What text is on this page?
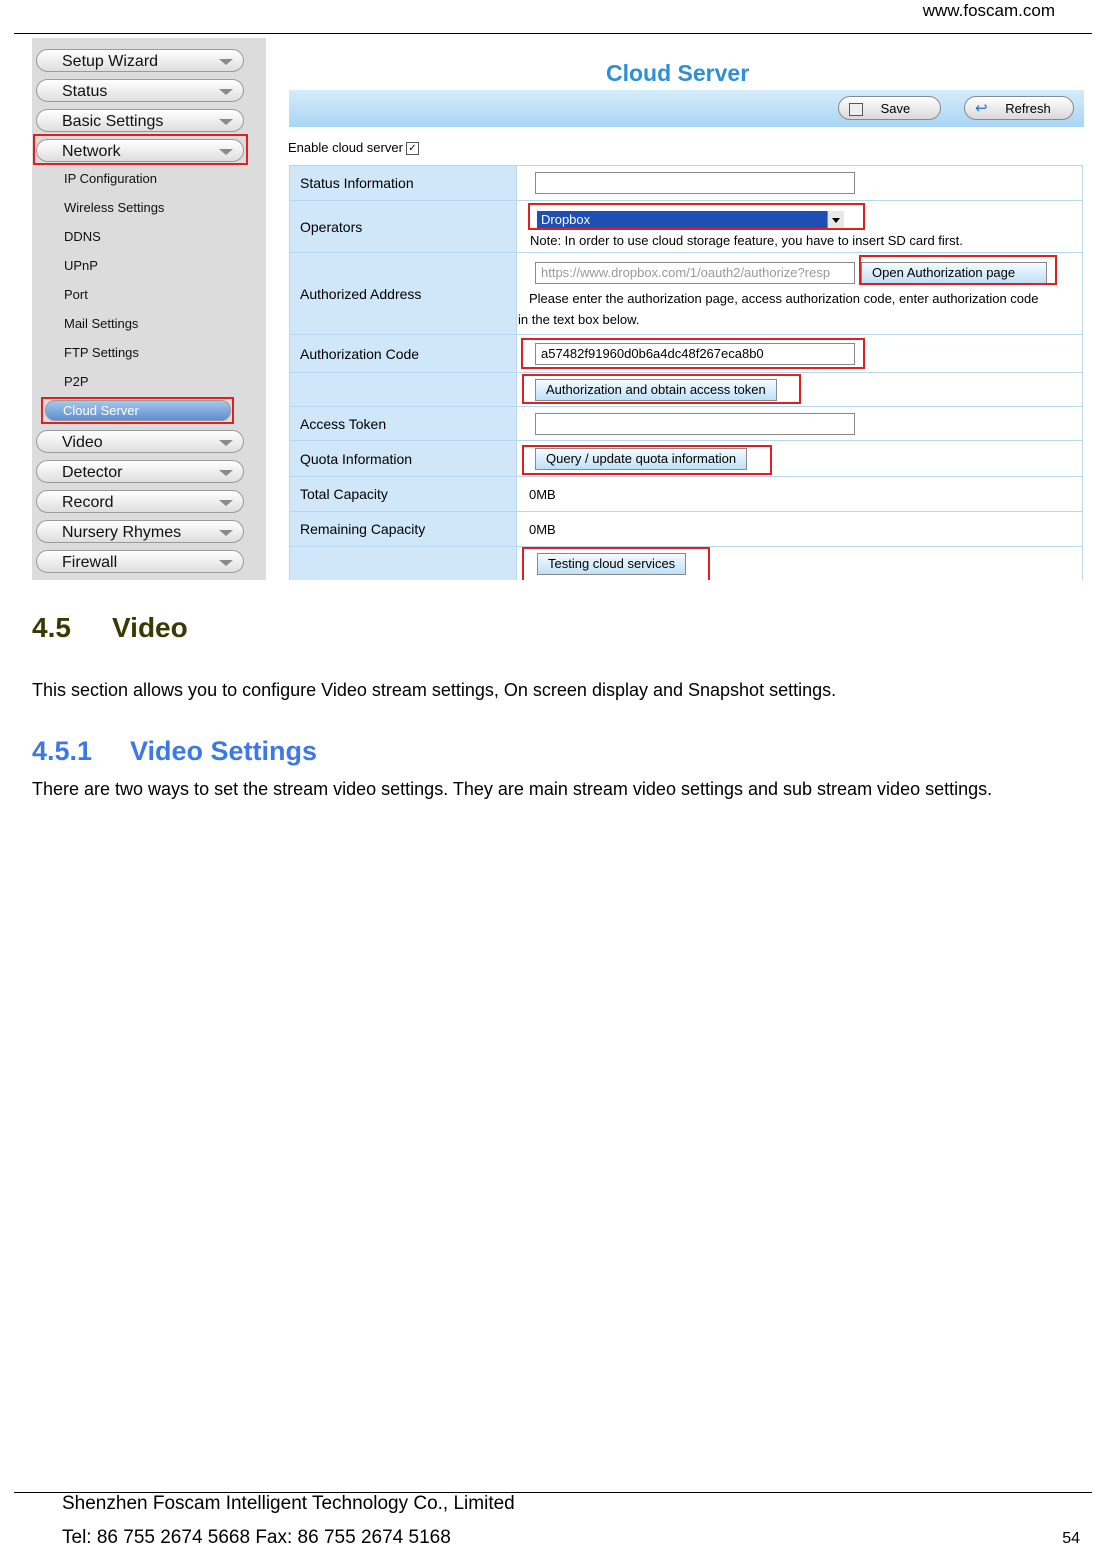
www.foscam.com
Setup Wizard
Status
Basic Settings
Network
IP Configuration
Wireless Settings
DDNS
UPnP
Port
Mail Settings
FTP Settings
P2P
Cloud Server
Video
Detector
Record
Nursery Rhymes
Firewall
Cloud Server
Save	↩ Refresh
Enable cloud server ✓
Status Information	
Operators	Dropbox
Note: In order to use cloud storage feature, you have to insert SD card first.

Authorized Address	https://www.dropbox.com/1/oauth2/authorize?resp Open Authorization page
Please enter the authorization page, access authorization code, enter authorization code
in the text box below.

Authorization Code	a57482f91960d0b6a4dc48f267eca8b0

	Authorization and obtain access token

Access Token	
Quota Information	Query / update quota information

Total Capacity	0MB
Remaining Capacity	0MB
	Testing cloud services
4.5 Video
This section allows you to configure Video stream settings, On screen display and Snapshot settings.
4.5.1 Video Settings
There are two ways to set the stream video settings. They are main stream video settings and sub stream video settings.
Shenzhen Foscam Intelligent Technology Co., Limited
Tel: 86 755 2674 5668 Fax: 86 755 2674 5168	54
